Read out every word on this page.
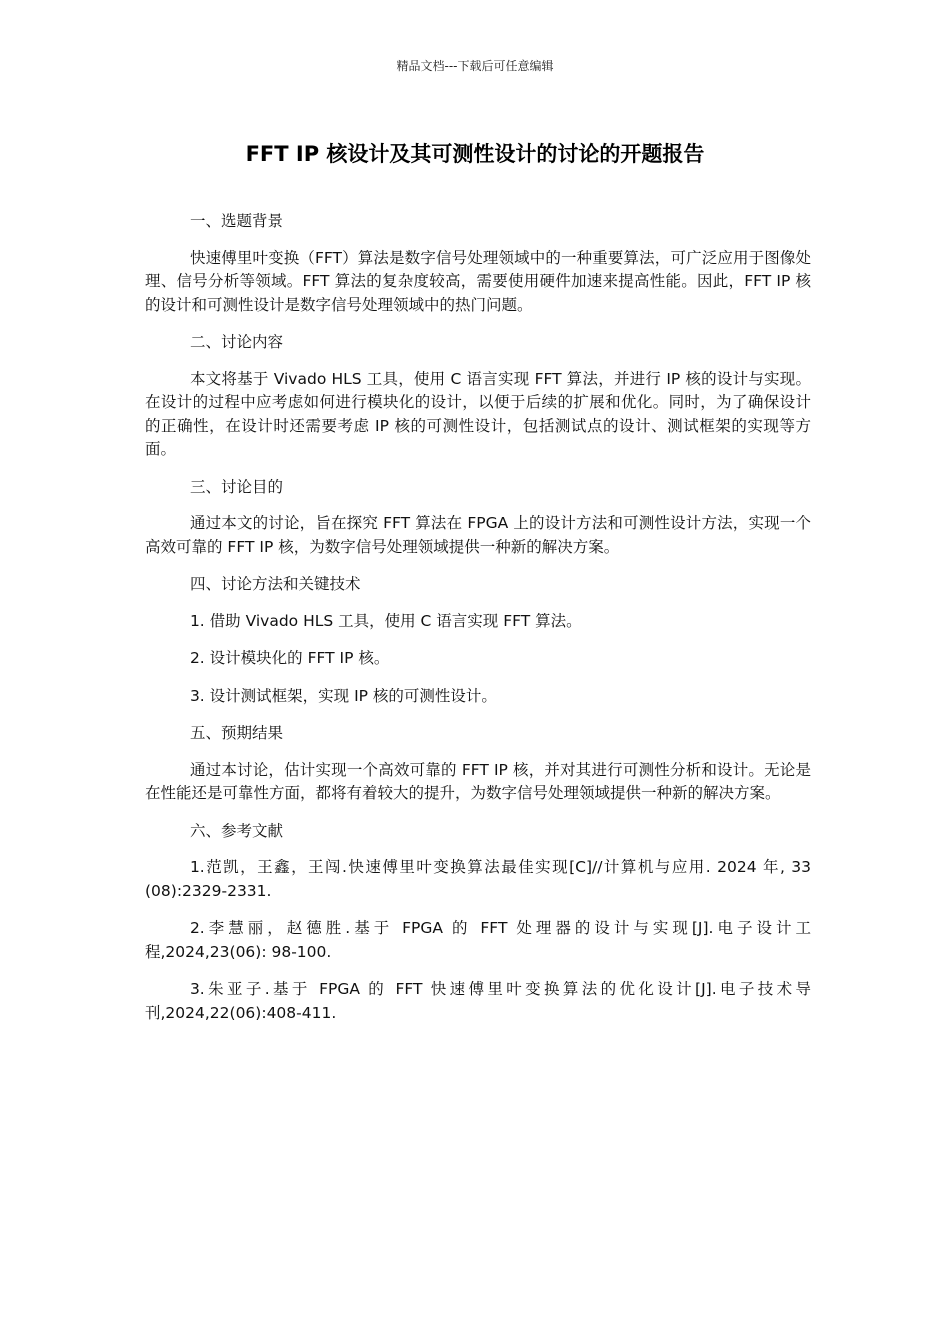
精品文档---下载后可任意编辑
FFT IP 核设计及其可测性设计的讨论的开题报告

一、选题背景

快速傅里叶变换（FFT）算法是数字信号处理领域中的一种重要算法，可广泛应用于图像处理、信号分析等领域。FFT 算法的复杂度较高，需要使用硬件加速来提高性能。因此，FFT IP 核的设计和可测性设计是数字信号处理领域中的热门问题。

二、讨论内容

本文将基于 Vivado HLS 工具，使用 C 语言实现 FFT 算法，并进行 IP 核的设计与实现。在设计的过程中应考虑如何进行模块化的设计，以便于后续的扩展和优化。同时，为了确保设计的正确性，在设计时还需要考虑 IP 核的可测性设计，包括测试点的设计、测试框架的实现等方面。

三、讨论目的

通过本文的讨论，旨在探究 FFT 算法在 FPGA 上的设计方法和可测性设计方法，实现一个高效可靠的 FFT IP 核，为数字信号处理领域提供一种新的解决方案。

四、讨论方法和关键技术

1. 借助 Vivado HLS 工具，使用 C 语言实现 FFT 算法。

2. 设计模块化的 FFT IP 核。

3. 设计测试框架，实现 IP 核的可测性设计。

五、预期结果

通过本讨论，估计实现一个高效可靠的 FFT IP 核，并对其进行可测性分析和设计。无论是在性能还是可靠性方面，都将有着较大的提升，为数字信号处理领域提供一种新的解决方案。

六、参考文献

1.范凯，王鑫，王闯.快速傅里叶变换算法最佳实现[C]//计算机与应用. 2024 年, 33 (08):2329-2331.

2.李慧丽，赵德胜.基于 FPGA 的 FFT 处理器的设计与实现[J].电子设计工程,2024,23(06): 98-100.

3.朱亚子.基于 FPGA 的 FFT 快速傅里叶变换算法的优化设计[J].电子技术导刊,2024,22(06):408-411.
